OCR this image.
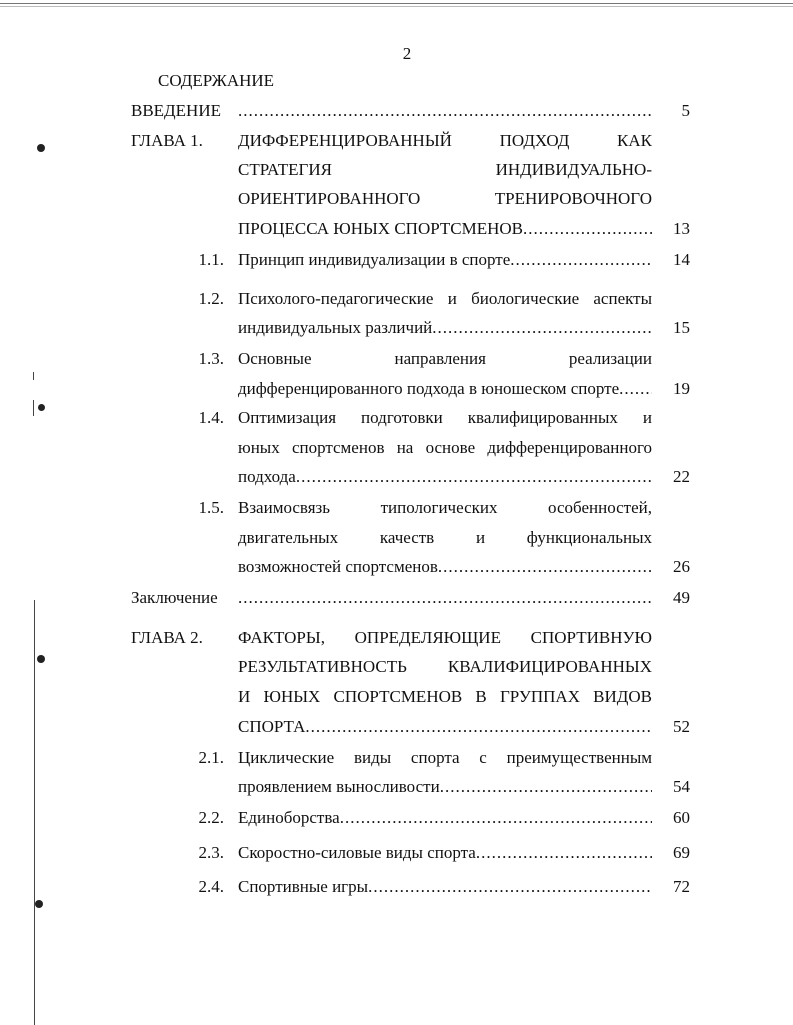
2
СОДЕРЖАНИЕ
ВВЕДЕНИЕ .....	5
ГЛАВА 1. ДИФФЕРЕНЦИРОВАННЫЙ ПОДХОД КАК
СТРАТЕГИЯ ИНДИВИДУАЛЬНО-
ОРИЕНТИРОВАННОГО ТРЕНИРОВОЧНОГО
ПРОЦЕССА ЮНЫХ СПОРТСМЕНОВ .....	13
1.1. Принцип индивидуализации в спорте .....	14
1.2. Психолого-педагогические и биологические аспекты
индивидуальных различий .....	15
1.3. Основные направления реализации
дифференцированного подхода в юношеском спорте .....	19
1.4. Оптимизация подготовки квалифицированных и
юных спортсменов на основе дифференцированного
подхода .....	22
1.5. Взаимосвязь типологических особенностей,
двигательных качеств и функциональных
возможностей спортсменов .....	26
Заключение .....	49
ГЛАВА 2. ФАКТОРЫ, ОПРЕДЕЛЯЮЩИЕ СПОРТИВНУЮ
РЕЗУЛЬТАТИВНОСТЬ КВАЛИФИЦИРОВАННЫХ
И ЮНЫХ СПОРТСМЕНОВ В ГРУППАХ ВИДОВ
СПОРТА .....	52
2.1. Циклические виды спорта с преимущественным
проявлением выносливости .....	54
2.2. Единоборства .....	60
2.3. Скоростно-силовые виды спорта .....	69
2.4. Спортивные игры .....	72
